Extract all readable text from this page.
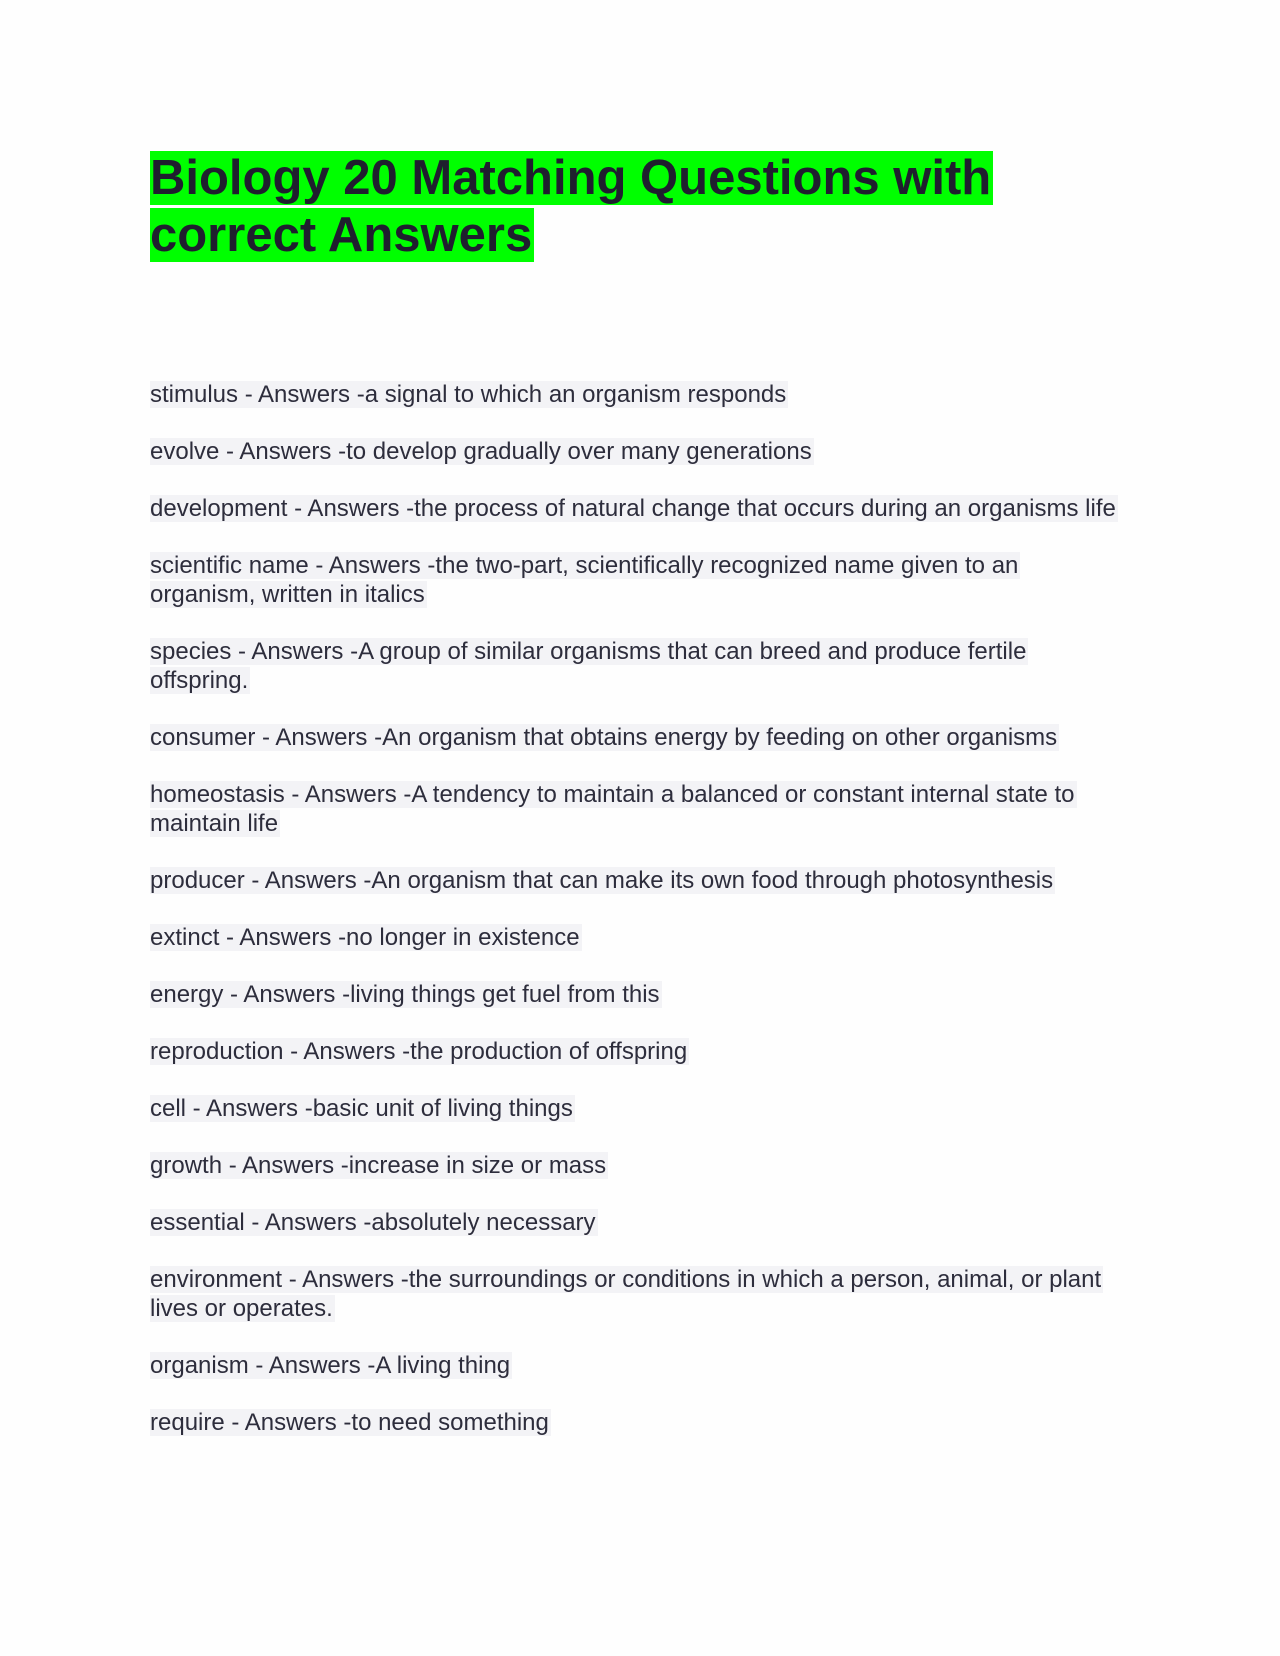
Biology 20 Matching Questions with correct Answers

stimulus - Answers -a signal to which an organism responds

evolve - Answers -to develop gradually over many generations

development - Answers -the process of natural change that occurs during an organisms life

scientific name - Answers -the two-part, scientifically recognized name given to an organism, written in italics

species - Answers -A group of similar organisms that can breed and produce fertile offspring.

consumer - Answers -An organism that obtains energy by feeding on other organisms

homeostasis - Answers -A tendency to maintain a balanced or constant internal state to maintain life

producer - Answers -An organism that can make its own food through photosynthesis

extinct - Answers -no longer in existence

energy - Answers -living things get fuel from this

reproduction - Answers -the production of offspring

cell - Answers -basic unit of living things

growth - Answers -increase in size or mass

essential - Answers -absolutely necessary

environment - Answers -the surroundings or conditions in which a person, animal, or plant lives or operates.

organism - Answers -A living thing

require - Answers -to need something
